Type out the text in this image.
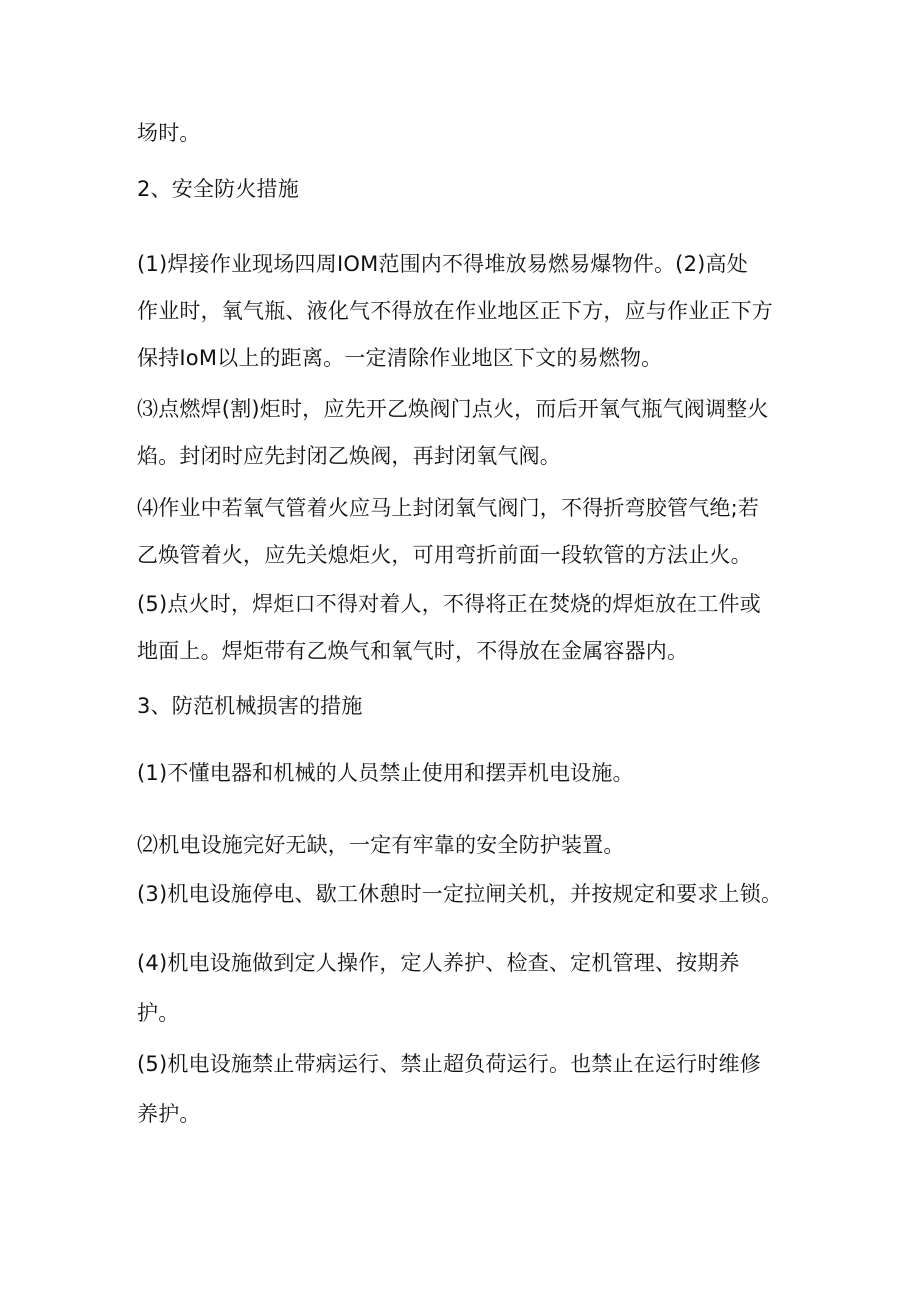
场时。

2、安全防火措施

(1)焊接作业现场四周IOM范围内不得堆放易燃易爆物件。(2)高处

作业时，氧气瓶、液化气不得放在作业地区正下方，应与作业正下方

保持IoM以上的距离。一定清除作业地区下文的易燃物。

⑶点燃焊(割)炬时，应先开乙焕阀门点火，而后开氧气瓶气阀调整火

焰。封闭时应先封闭乙焕阀，再封闭氧气阀。

⑷作业中若氧气管着火应马上封闭氧气阀门，不得折弯胶管气绝;若

乙焕管着火，应先关熄炬火，可用弯折前面一段软管的方法止火。

(5)点火时，焊炬口不得对着人，不得将正在焚烧的焊炬放在工件或

地面上。焊炬带有乙焕气和氧气时，不得放在金属容器内。

3、防范机械损害的措施

(1)不懂电器和机械的人员禁止使用和摆弄机电设施。

⑵机电设施完好无缺，一定有牢靠的安全防护装置。

(3)机电设施停电、歇工休憩时一定拉闸关机，并按规定和要求上锁。

(4)机电设施做到定人操作，定人养护、检查、定机管理、按期养

护。

(5)机电设施禁止带病运行、禁止超负荷运行。也禁止在运行时维修

养护。
